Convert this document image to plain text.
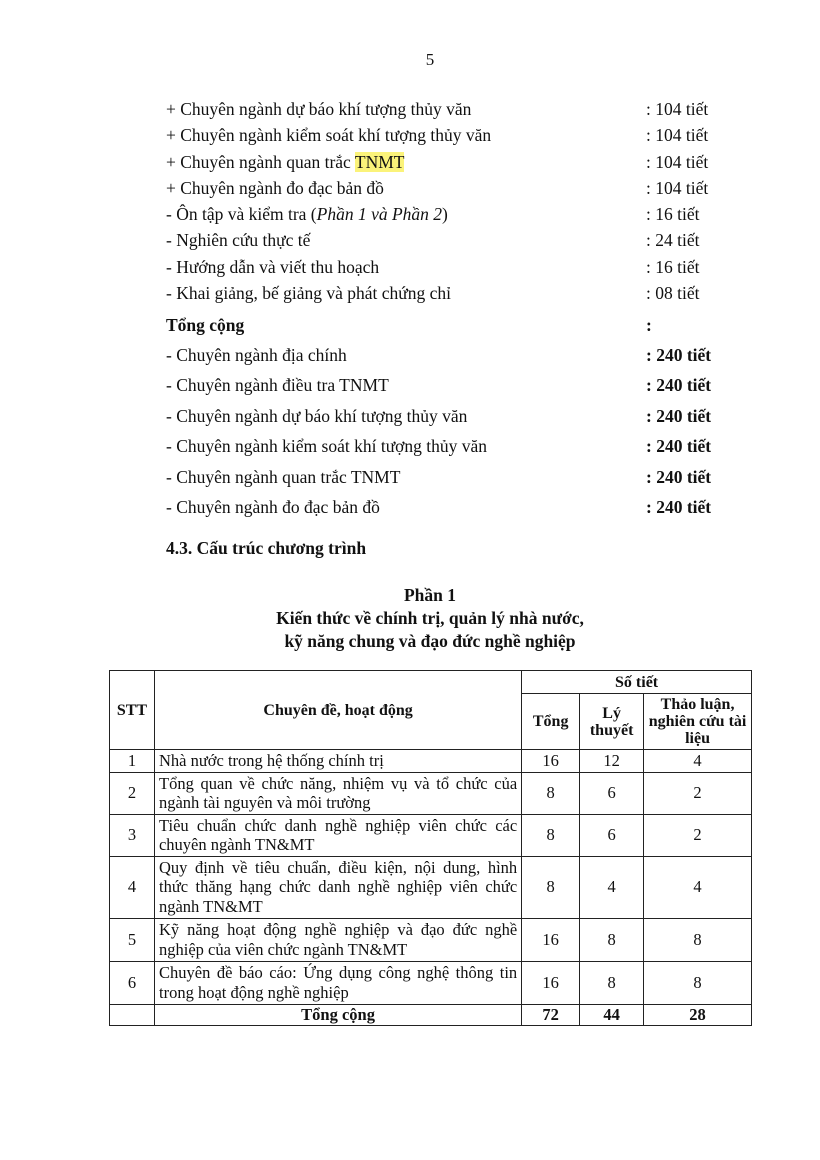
5
+ Chuyên ngành dự báo khí tượng thủy văn	: 104 tiết
+ Chuyên ngành kiểm soát khí tượng thủy văn	: 104 tiết
+ Chuyên ngành quan trắc TNMT	: 104 tiết
+ Chuyên ngành đo đạc bản đồ	: 104 tiết
- Ôn tập và kiểm tra (Phần 1 và Phần 2)	: 16 tiết
- Nghiên cứu thực tế	: 24 tiết
- Hướng dẫn và viết thu hoạch	: 16 tiết
- Khai giảng, bế giảng và phát chứng chỉ	: 08 tiết
Tổng cộng	:
- Chuyên ngành địa chính	: 240 tiết
- Chuyên ngành điều tra TNMT	: 240 tiết
- Chuyên ngành dự báo khí tượng thủy văn	: 240 tiết
- Chuyên ngành kiểm soát khí tượng thủy văn	: 240 tiết
- Chuyên ngành quan trắc TNMT	: 240 tiết
- Chuyên ngành đo đạc bản đồ	: 240 tiết
4.3. Cấu trúc chương trình
Phần 1
Kiến thức về chính trị, quản lý nhà nước,
kỹ năng chung và đạo đức nghề nghiệp
STT	Chuyên đề, hoạt động	Số tiết		
		Tổng	Lý thuyết	Thảo luận, nghiên cứu tài liệu
1	Nhà nước trong hệ thống chính trị	16	12	4
2	Tổng quan về chức năng, nhiệm vụ và tổ chức của ngành tài nguyên và môi trường	8	6	2
3	Tiêu chuẩn chức danh nghề nghiệp viên chức các chuyên ngành TN&MT	8	6	2
4	Quy định về tiêu chuẩn, điều kiện, nội dung, hình thức thăng hạng chức danh nghề nghiệp viên chức ngành TN&MT	8	4	4
5	Kỹ năng hoạt động nghề nghiệp và đạo đức nghề nghiệp của viên chức ngành TN&MT	16	8	8
6	Chuyên đề báo cáo: Ứng dụng công nghệ thông tin trong hoạt động nghề nghiệp	16	8	8
	Tổng cộng	72	44	28
